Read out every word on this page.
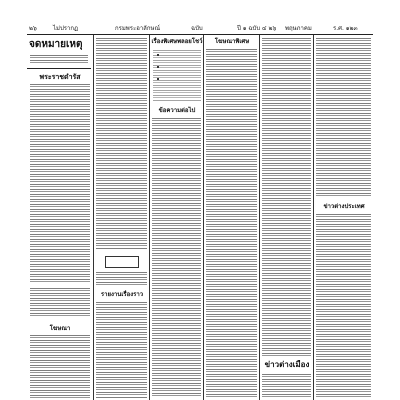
๒๖	ไม่ปรากฏ	กรมพระอาลักษณ์	ฉบับ	ปี ๑ ฉบับ ๔ ๒๖ พฤษภาคม	ร.ศ. ๑๒๓
จดหมายเหตุ
พระราชดำรัส
โฆษณา
รายงานเรื่องราว
เรื่องพิเศษพลอยโชว์
ข้อความต่อไป
โฆษณาพิเศษ
ข่าวต่างเมือง
ข่าวต่างประเทศ
